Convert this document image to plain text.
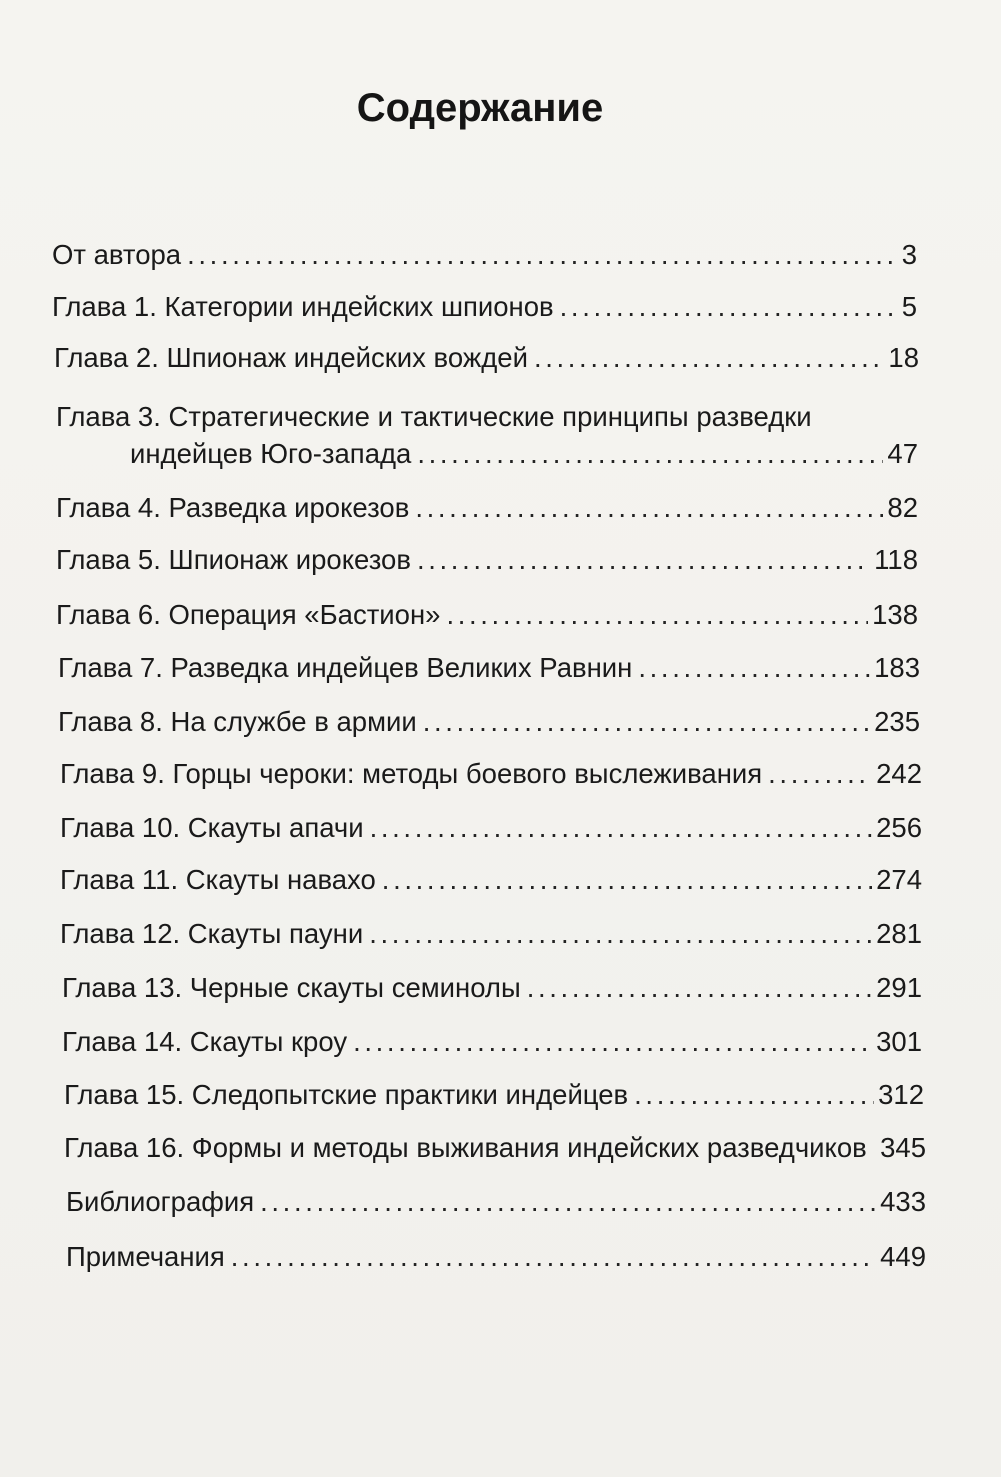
Содержание
От автора . . .	3
Глава 1. Категории индейских шпионов . . .	5
Глава 2. Шпионаж индейских вождей . . .	18
Глава 3. Стратегические и тактические принципы разведки
индейцев Юго-запада . . .	47
Глава 4. Разведка ирокезов . . .	82
Глава 5. Шпионаж ирокезов . . .	118
Глава 6. Операция «Бастион» . . .	138
Глава 7. Разведка индейцев Великих Равнин . . .	183
Глава 8. На службе в армии . . .	235
Глава 9. Горцы чероки: методы боевого выслеживания . . .	242
Глава 10. Скауты апачи . . .	256
Глава 11. Скауты навахо . . .	274
Глава 12. Скауты пауни . . .	281
Глава 13. Черные скауты семинолы . . .	291
Глава 14. Скауты кроу . . .	301
Глава 15. Следопытские практики индейцев . . .	312
Глава 16. Формы и методы выживания индейских разведчиков . . . 345
Библиография . . .	433
Примечания . . .	449
